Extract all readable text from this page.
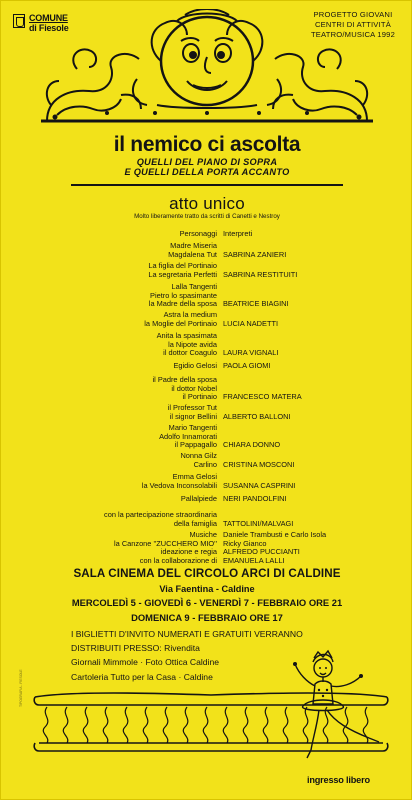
COMUNE
di Fiesole
PROGETTO GIOVANI
CENTRI DI ATTIVITÀ
TEATRO/MUSICA 1992
il nemico ci ascolta
QUELLI DEL PIANO DI SOPRA
E QUELLI DELLA PORTA ACCANTO
atto unico
Molto liberamente tratto da scritti di Canetti e Nestroy
Personaggi Interpreti
Madre Miseria
Magdalena Tut
SABRINA ZANIERI
La figlia del Portinaio
La segretaria Perfetti
SABRINA RESTITUITI
Lalla Tangenti
Pietro lo spasimante
la Madre della sposa

BEATRICE BIAGINI
Astra la medium
la Moglie del Portinaio
LUCIA NADETTI
Anita la spasimata
la Nipote avida
il dottor Coagulo

LAURA VIGNALI
Egidio Gelosi PAOLA GIOMI
il Padre della sposa
il dottor Nobel
il Portinaio

FRANCESCO MATERA
il Professor Tut
il signor Bellini
ALBERTO BALLONI
Mario Tangenti
Adolfo Innamorati
il Pappagallo

CHIARA DONNO
Nonna Gilz
Carlino
CRISTINA MOSCONI
Emma Gelosi
la Vedova Inconsolabili
SUSANNA CASPRINI
Pallalpiede NERI PANDOLFINI
con la partecipazione straordinaria
della famiglia
TATTOLINI/MALVAGI
Musiche
la Canzone ''ZUCCHERO MIO''
ideazione e regia
con la collaborazione di
Daniele Trambusti e Carlo Isola
Ricky Gianco
ALFREDO PUCCIANTI
EMANUELA LALLI
SALA CINEMA DEL CIRCOLO ARCI DI CALDINE
Via Faentina - Caldine
MERCOLEDÌ 5 - GIOVEDÌ 6 - VENERDÌ 7 - FEBBRAIO ORE 21
DOMENICA 9 - FEBBRAIO ORE 17
I BIGLIETTI D'INVITO NUMERATI E GRATUITI VERRANNO
DISTRIBUITI PRESSO: Rivendita
Giornali Mimmole · Foto Ottica Caldine
Cartoleria Tutto per la Casa · Caldine
ingresso libero
TIPOGRAFIA - FIESOLE
